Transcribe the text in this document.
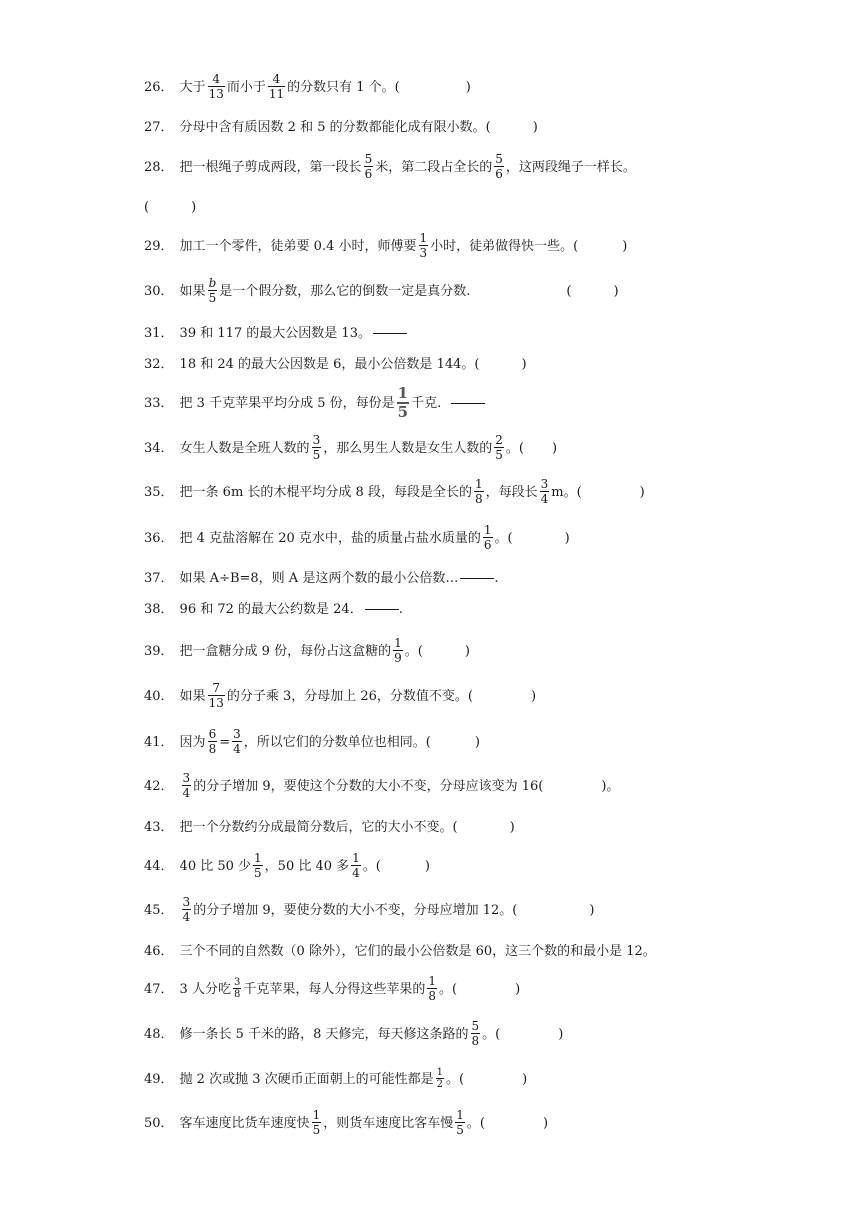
26． 大于 $\frac{4}{13}$ 而小于 $\frac{4}{11}$ 的分数只有 1 个。(	)
27． 分母中含有质因数 2 和 5 的分数都能化成有限小数。(	)
28． 把一根绳子剪成两段，第一段长 $\frac{5}{6}$ 米，第二段占全长的 $\frac{5}{6}$ ，这两段绳子一样长。
(	)
29． 加工一个零件，徒弟要 0.4 小时，师傅要 $\frac{1}{3}$ 小时，徒弟做得快一些。(	)
30． 如果 $\frac{b}{5}$ 是一个假分数，那么它的倒数一定是真分数.	(	)
31． 39 和 117 的最大公因数是 13。
32． 18 和 24 的最大公因数是 6，最小公倍数是 144。(	)
33． 把 3 千克苹果平均分成 5 份，每份是 $\frac{1}{5}$ 千克.
34． 女生人数是全班人数的 $\frac{3}{5}$ ，那么男生人数是女生人数的 $\frac{2}{5}$ 。( )
35． 把一条 6m 长的木棍平均分成 8 段，每段是全长的 $\frac{1}{8}$ ，每段长 $\frac{3}{4}$ m。(	)
36． 把 4 克盐溶解在 20 克水中，盐的质量占盐水质量的 $\frac{1}{6}$ 。(	)
37． 如果 A÷B=8，则 A 是这两个数的最小公倍数…	.
38． 96 和 72 的最大公约数是 24．	.
39． 把一盒糖分成 9 份，每份占这盒糖的 $\frac{1}{9}$ 。(	)
40． 如果 $\frac{7}{13}$ 的分子乘 3，分母加上 26，分数值不变。(	)
41． 因为 $\frac{6}{8} = \frac{3}{4}$ ，所以它们的分数单位也相同。(	)
42． $\frac{3}{4}$ 的分子增加 9，要使这个分数的大小不变，分母应该变为 16(	)。
43． 把一个分数约分成最简分数后，它的大小不变。(	)
44． 40 比 50 少 $\frac{1}{5}$ ，50 比 40 多 $\frac{1}{4}$ 。(	)
45． $\frac{3}{4}$ 的分子增加 9，要使分数的大小不变，分母应增加 12。(	)
46． 三个不同的自然数（0 除外），它们的最小公倍数是 60，这三个数的和最小是 12。
47． 3 人分吃 $\frac{3}{8}$ 千克苹果，每人分得这些苹果的 $\frac{1}{8}$ 。(	)
48． 修一条长 5 千米的路，8 天修完，每天修这条路的 $\frac{5}{8}$ 。(	)
49． 抛 2 次或抛 3 次硬币正面朝上的可能性都是 $\frac{1}{2}$ 。(	)
50． 客车速度比货车速度快 $\frac{1}{5}$ ，则货车速度比客车慢 $\frac{1}{5}$ 。(	)
